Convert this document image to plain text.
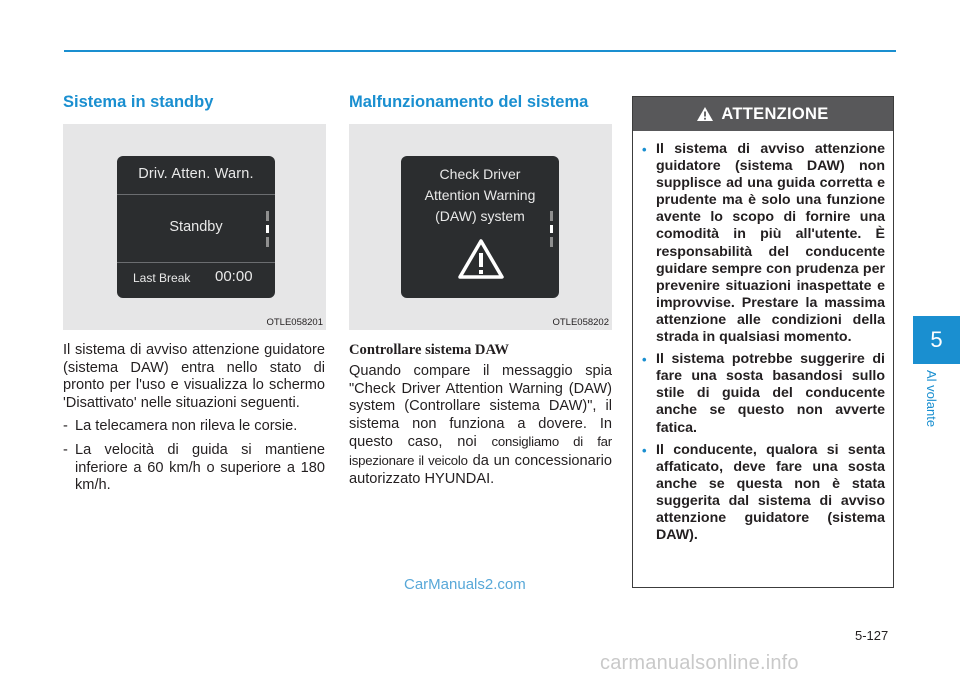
Sistema in standby
Driv. Atten. Warn.
Standby
Last Break 00:00
OTLE058201

Il sistema di avviso attenzione guidatore (sistema DAW) entra nello stato di pronto per l'uso e visualizza lo schermo 'Disattivato' nelle situazioni seguenti.

- La telecamera non rileva le corsie.
- La velocità di guida si mantiene inferiore a 60 km/h o superiore a 180 km/h.
Malfunzionamento del sistema
Check Driver
Attention Warning
(DAW) system
OTLE058202
Controllare sistema DAW
Quando compare il messaggio spia "Check Driver Attention Warning (DAW) system (Controllare sistema DAW)", il sistema non funziona a dovere. In questo caso, noi consigliamo di far ispezionare il veicolo da un concessionario autorizzato HYUNDAI.
ATTENZIONE
• Il sistema di avviso attenzione guidatore (sistema DAW) non supplisce ad una guida corretta e prudente ma è solo una funzione avente lo scopo di fornire una comodità in più all'utente. È responsabilità del conducente guidare sempre con prudenza per prevenire situazioni inaspettate e improvvise. Prestare la massima attenzione alle condizioni della strada in qualsiasi momento.
• Il sistema potrebbe suggerire di fare una sosta basandosi sullo stile di guida del conducente anche se questo non avverte fatica.
• Il conducente, qualora si senta affaticato, deve fare una sosta anche se questa non è stata suggerita dal sistema di avviso attenzione guidatore (sistema DAW).
5
Al volante
CarManuals2.com
5-127
carmanualsonline.info
